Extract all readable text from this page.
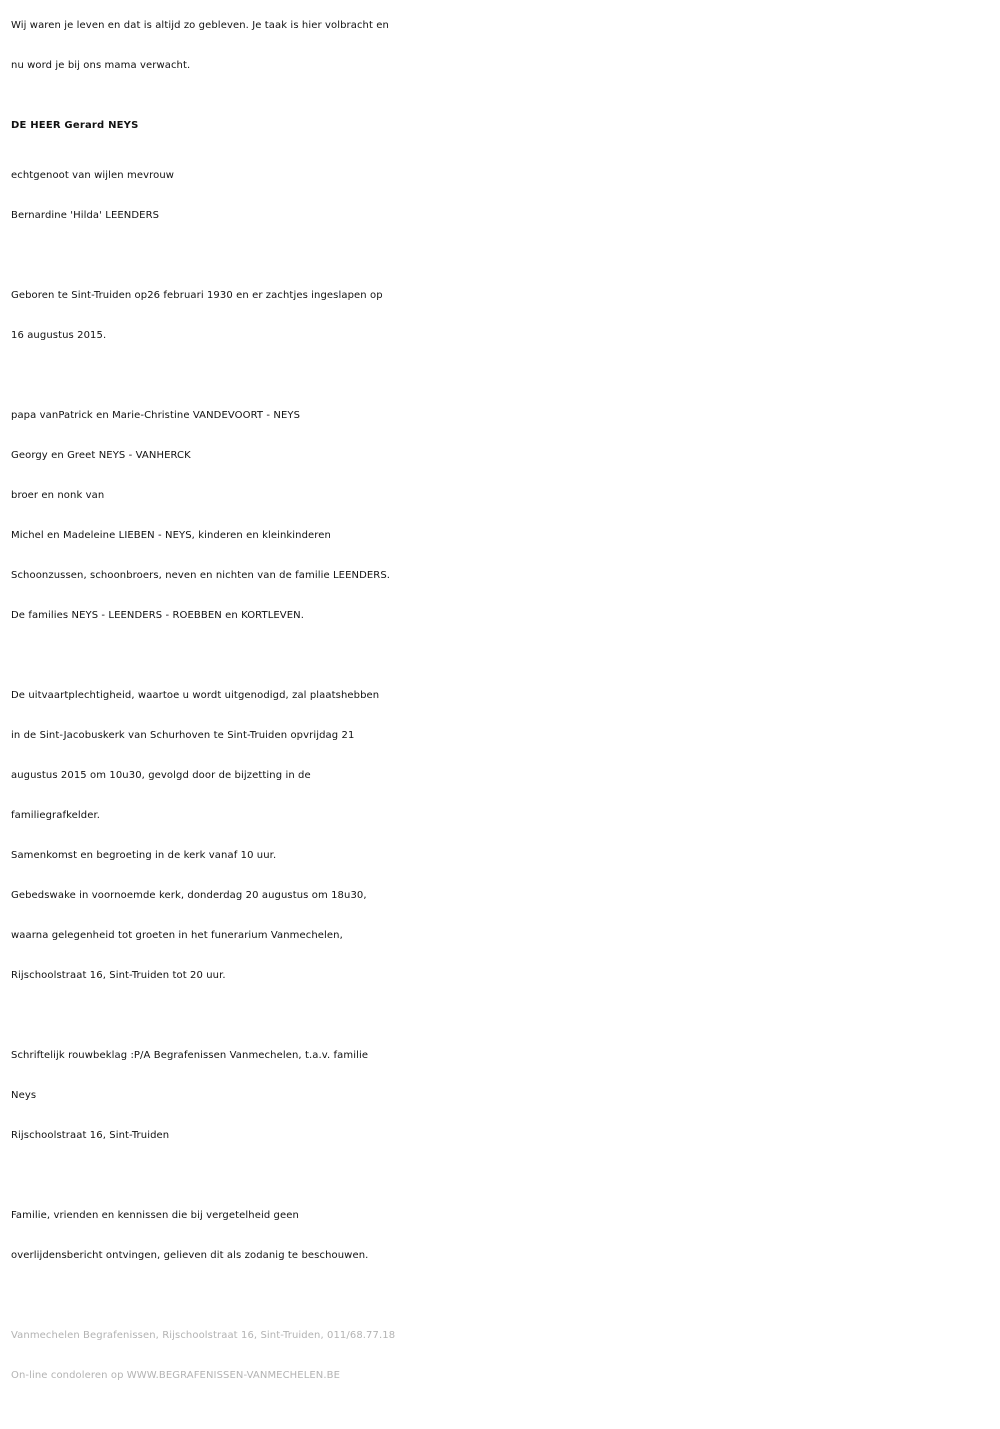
Wij waren je leven en dat is altijd zo gebleven. Je taak is hier volbracht en
nu word je bij ons mama verwacht.
DE HEER Gerard NEYS
echtgenoot van wijlen mevrouw
Bernardine 'Hilda' LEENDERS
Geboren te Sint-Truiden op26 februari 1930 en er zachtjes ingeslapen op
16 augustus 2015.
papa vanPatrick en Marie-Christine VANDEVOORT - NEYS
Georgy en Greet NEYS - VANHERCK
broer en nonk van
Michel en Madeleine LIEBEN - NEYS, kinderen en kleinkinderen
Schoonzussen, schoonbroers, neven en nichten van de familie LEENDERS.
De families NEYS - LEENDERS - ROEBBEN en KORTLEVEN.
De uitvaartplechtigheid, waartoe u wordt uitgenodigd, zal plaatshebben
in de Sint-Jacobuskerk van Schurhoven te Sint-Truiden opvrijdag 21
augustus 2015 om 10u30, gevolgd door de bijzetting in de
familiegrafkelder.
Samenkomst en begroeting in de kerk vanaf 10 uur.
Gebedswake in voornoemde kerk, donderdag 20 augustus om 18u30,
waarna gelegenheid tot groeten in het funerarium Vanmechelen,
Rijschoolstraat 16, Sint-Truiden tot 20 uur.
Schriftelijk rouwbeklag :P/A Begrafenissen Vanmechelen, t.a.v. familie
Neys
Rijschoolstraat 16, Sint-Truiden
Familie, vrienden en kennissen die bij vergetelheid geen
overlijdensbericht ontvingen, gelieven dit als zodanig te beschouwen.
Vanmechelen Begrafenissen, Rijschoolstraat 16, Sint-Truiden, 011/68.77.18
On-line condoleren op WWW.BEGRAFENISSEN-VANMECHELEN.BE
